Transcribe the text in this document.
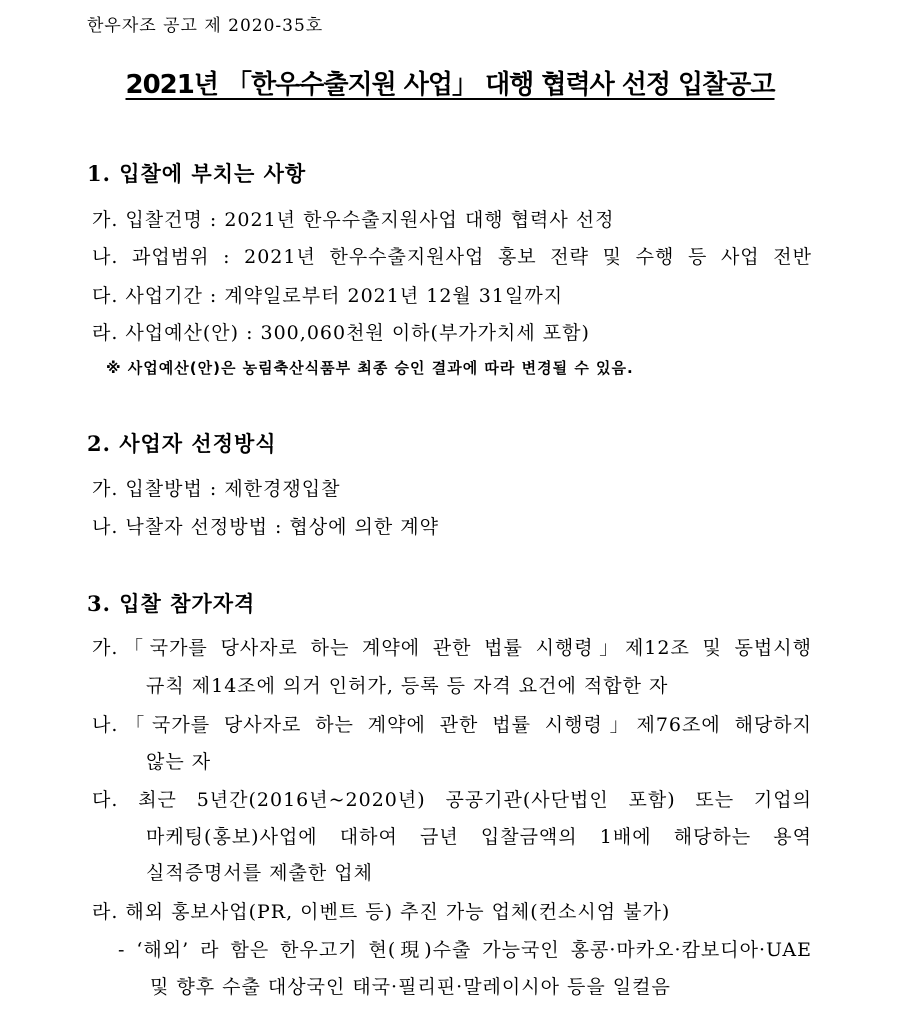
한우자조 공고 제 2020-35호
2021년 「한우수출지원 사업」 대행 협력사 선정 입찰공고
1. 입찰에 부치는 사항
가. 입찰건명 : 2021년 한우수출지원사업 대행 협력사 선정
나. 과업범위 : 2021년 한우수출지원사업 홍보 전략 및 수행 등 사업 전반
다. 사업기간 : 계약일로부터 2021년 12월 31일까지
라. 사업예산(안) : 300,060천원 이하(부가가치세 포함)
※ 사업예산(안)은 농림축산식품부 최종 승인 결과에 따라 변경될 수 있음.
2. 사업자 선정방식
가. 입찰방법 : 제한경쟁입찰
나. 낙찰자 선정방법 : 협상에 의한 계약
3. 입찰 참가자격
가.「국가를 당사자로 하는 계약에 관한 법률 시행령」제12조 및 동법시행
규칙 제14조에 의거 인허가, 등록 등 자격 요건에 적합한 자
나.「국가를 당사자로 하는 계약에 관한 법률 시행령」제76조에 해당하지
않는 자
다. 최근 5년간(2016년~2020년) 공공기관(사단법인 포함) 또는 기업의
마케팅(홍보)사업에 대하여 금년 입찰금액의 1배에 해당하는 용역
실적증명서를 제출한 업체
라. 해외 홍보사업(PR, 이벤트 등) 추진 가능 업체(컨소시엄 불가)
- ‘해외’ 라 함은 한우고기 현(現)수출 가능국인 홍콩·마카오·캄보디아·UAE
및 향후 수출 대상국인 태국·필리핀·말레이시아 등을 일컬음
